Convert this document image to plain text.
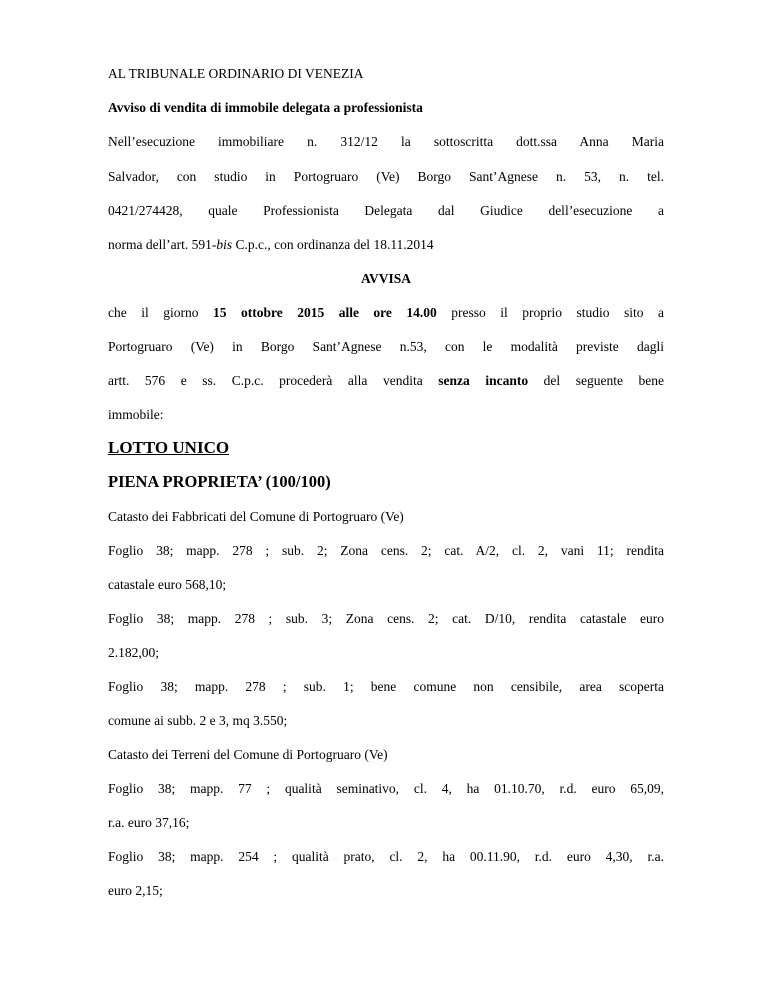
AL TRIBUNALE ORDINARIO DI VENEZIA
Avviso di vendita di immobile delegata a professionista
Nell’esecuzione immobiliare n. 312/12 la sottoscritta dott.ssa Anna Maria
Salvador, con studio in Portogruaro (Ve) Borgo Sant’Agnese n. 53, n. tel.
0421/274428, quale Professionista Delegata dal Giudice dell’esecuzione a
norma dell’art. 591-bis C.p.c., con ordinanza del 18.11.2014
AVVISA
che il giorno 15 ottobre 2015 alle ore 14.00 presso il proprio studio sito a
Portogruaro (Ve) in Borgo Sant’Agnese n.53, con le modalità previste dagli
artt. 576 e ss. C.p.c. procederà alla vendita senza incanto del seguente bene
immobile:
LOTTO UNICO
PIENA PROPRIETA’ (100/100)
Catasto dei Fabbricati del Comune di Portogruaro (Ve)
Foglio 38; mapp. 278 ; sub. 2; Zona cens. 2; cat. A/2, cl. 2, vani 11; rendita
catastale euro 568,10;
Foglio 38; mapp. 278 ; sub. 3; Zona cens. 2; cat. D/10, rendita catastale euro
2.182,00;
Foglio 38; mapp. 278 ; sub. 1; bene comune non censibile, area scoperta
comune ai subb. 2 e 3, mq 3.550;
Catasto dei Terreni del Comune di Portogruaro (Ve)
Foglio 38; mapp. 77 ; qualità seminativo, cl. 4, ha 01.10.70, r.d. euro 65,09,
r.a. euro 37,16;
Foglio 38; mapp. 254 ; qualità prato, cl. 2, ha 00.11.90, r.d. euro 4,30, r.a.
euro 2,15;
